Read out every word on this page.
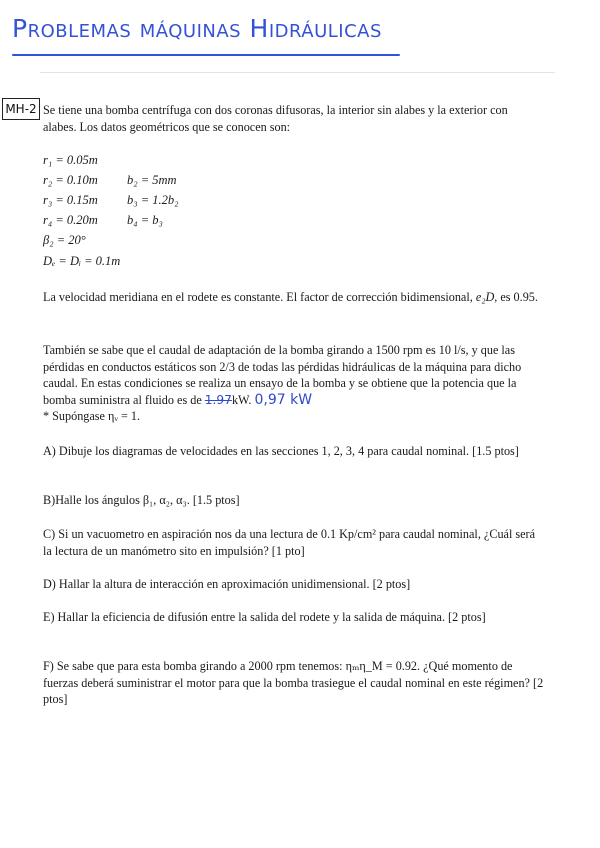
Problemas máquinas Hidráulicas
MH-2 Se tiene una bomba centrífuga con dos coronas difusoras, la interior sin alabes y la exterior con alabes. Los datos geométricos que se conocen son:

r₁ = 0.05m
r₂ = 0.10m b₂ = 5mm
r₃ = 0.15m b₃ = 1.2b₂
r₄ = 0.20m b₄ = b₃
β₂ = 20°
Dₑ = Dᵢ = 0.1m

La velocidad meridiana en el rodete es constante. El factor de corrección bidimensional, e₂D, es 0.95.

También se sabe que el caudal de adaptación de la bomba girando a 1500 rpm es 10 l/s, y que las pérdidas en conductos estáticos son 2/3 de todas las pérdidas hidráulicas de la máquina para dicho caudal. En estas condiciones se realiza un ensayo de la bomba y se obtiene que la potencia que la bomba suministra al fluido es de 1.97kW. 0,97 kW
* Supóngase ηᵥ = 1.

A) Dibuje los diagramas de velocidades en las secciones 1, 2, 3, 4 para caudal nominal. [1.5 ptos]

B)Halle los ángulos β₁, α₂, α₃. [1.5 ptos]

C) Si un vacuometro en aspiración nos da una lectura de 0.1 Kp/cm² para caudal nominal, ¿Cuál será la lectura de un manómetro sito en impulsión? [1 pto]

D) Hallar la altura de interacción en aproximación unidimensional. [2 ptos]

E) Hallar la eficiencia de difusión entre la salida del rodete y la salida de máquina. [2 ptos]

F) Se sabe que para esta bomba girando a 2000 rpm tenemos: ηₘη_M = 0.92. ¿Qué momento de fuerzas deberá suministrar el motor para que la bomba trasiegue el caudal nominal en este régimen? [2 ptos]
